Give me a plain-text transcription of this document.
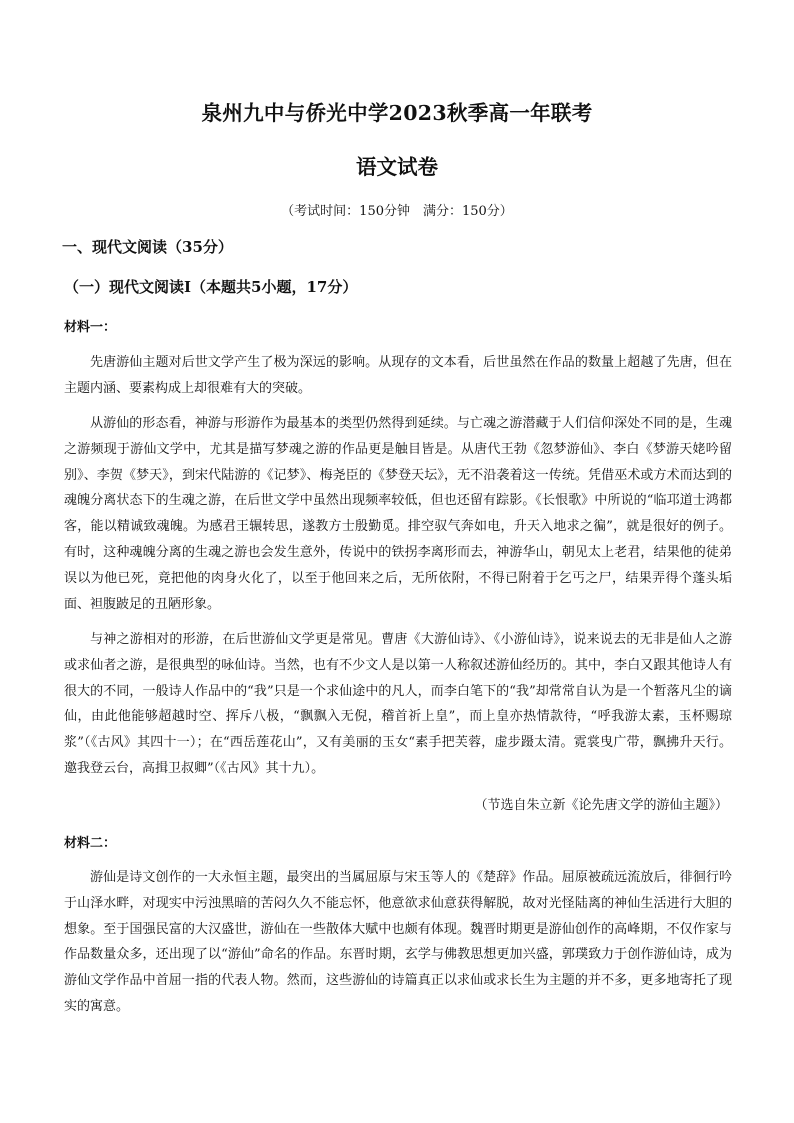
泉州九中与侨光中学2023秋季高一年联考
语文试卷
（考试时间：150分钟　满分：150分）
一、现代文阅读（35分）
（一）现代文阅读Ⅰ（本题共5小题，17分）
材料一：

先唐游仙主题对后世文学产生了极为深远的影响。从现存的文本看，后世虽然在作品的数量上超越了先唐，但在主题内涵、要素构成上却很难有大的突破。

从游仙的形态看，神游与形游作为最基本的类型仍然得到延续。与亡魂之游潜藏于人们信仰深处不同的是，生魂之游频现于游仙文学中，尤其是描写梦魂之游的作品更是触目皆是。从唐代王勃《忽梦游仙》、李白《梦游天姥吟留别》、李贺《梦天》，到宋代陆游的《记梦》、梅尧臣的《梦登天坛》，无不沿袭着这一传统。凭借巫术或方术而达到的魂魄分离状态下的生魂之游，在后世文学中虽然出现频率较低，但也还留有踪影。《长恨歌》中所说的“临邛道士鸿都客，能以精诚致魂魄。为感君王辗转思，遂教方士殷勤觅。排空驭气奔如电，升天入地求之徧”，就是很好的例子。有时，这种魂魄分离的生魂之游也会发生意外，传说中的铁拐李离形而去，神游华山，朝见太上老君，结果他的徒弟误以为他已死，竟把他的肉身火化了，以至于他回来之后，无所依附，不得已附着于乞丐之尸，结果弄得个蓬头垢面、袒腹跛足的丑陋形象。

与神之游相对的形游，在后世游仙文学更是常见。曹唐《大游仙诗》、《小游仙诗》，说来说去的无非是仙人之游或求仙者之游，是很典型的咏仙诗。当然，也有不少文人是以第一人称叙述游仙经历的。其中，李白又跟其他诗人有很大的不同，一般诗人作品中的“我”只是一个求仙途中的凡人，而李白笔下的“我”却常常自认为是一个暂落凡尘的谪仙，由此他能够超越时空、挥斥八极，“飘飘入无倪，稽首祈上皇”，而上皇亦热情款待，“呼我游太素，玉杯赐琼浆”（《古风》其四十一）；在“西岳莲花山”，又有美丽的玉女“素手把芙蓉，虚步蹑太清。霓裳曳广带，飘拂升天行。邀我登云台，高揖卫叔卿”（《古风》其十九）。

（节选自朱立新《论先唐文学的游仙主题》）
材料二：

游仙是诗文创作的一大永恒主题，最突出的当属屈原与宋玉等人的《楚辞》作品。屈原被疏远流放后，徘徊行吟于山泽水畔，对现实中污浊黑暗的苦闷久久不能忘怀，他意欲求仙意获得解脱，故对光怪陆离的神仙生活进行大胆的想象。至于国强民富的大汉盛世，游仙在一些散体大赋中也颇有体现。魏晋时期更是游仙创作的高峰期，不仅作家与作品数量众多，还出现了以“游仙”命名的作品。东晋时期，玄学与佛教思想更加兴盛，郭璞致力于创作游仙诗，成为游仙文学作品中首屈一指的代表人物。然而，这些游仙的诗篇真正以求仙或求长生为主题的并不多，更多地寄托了现实的寓意。
